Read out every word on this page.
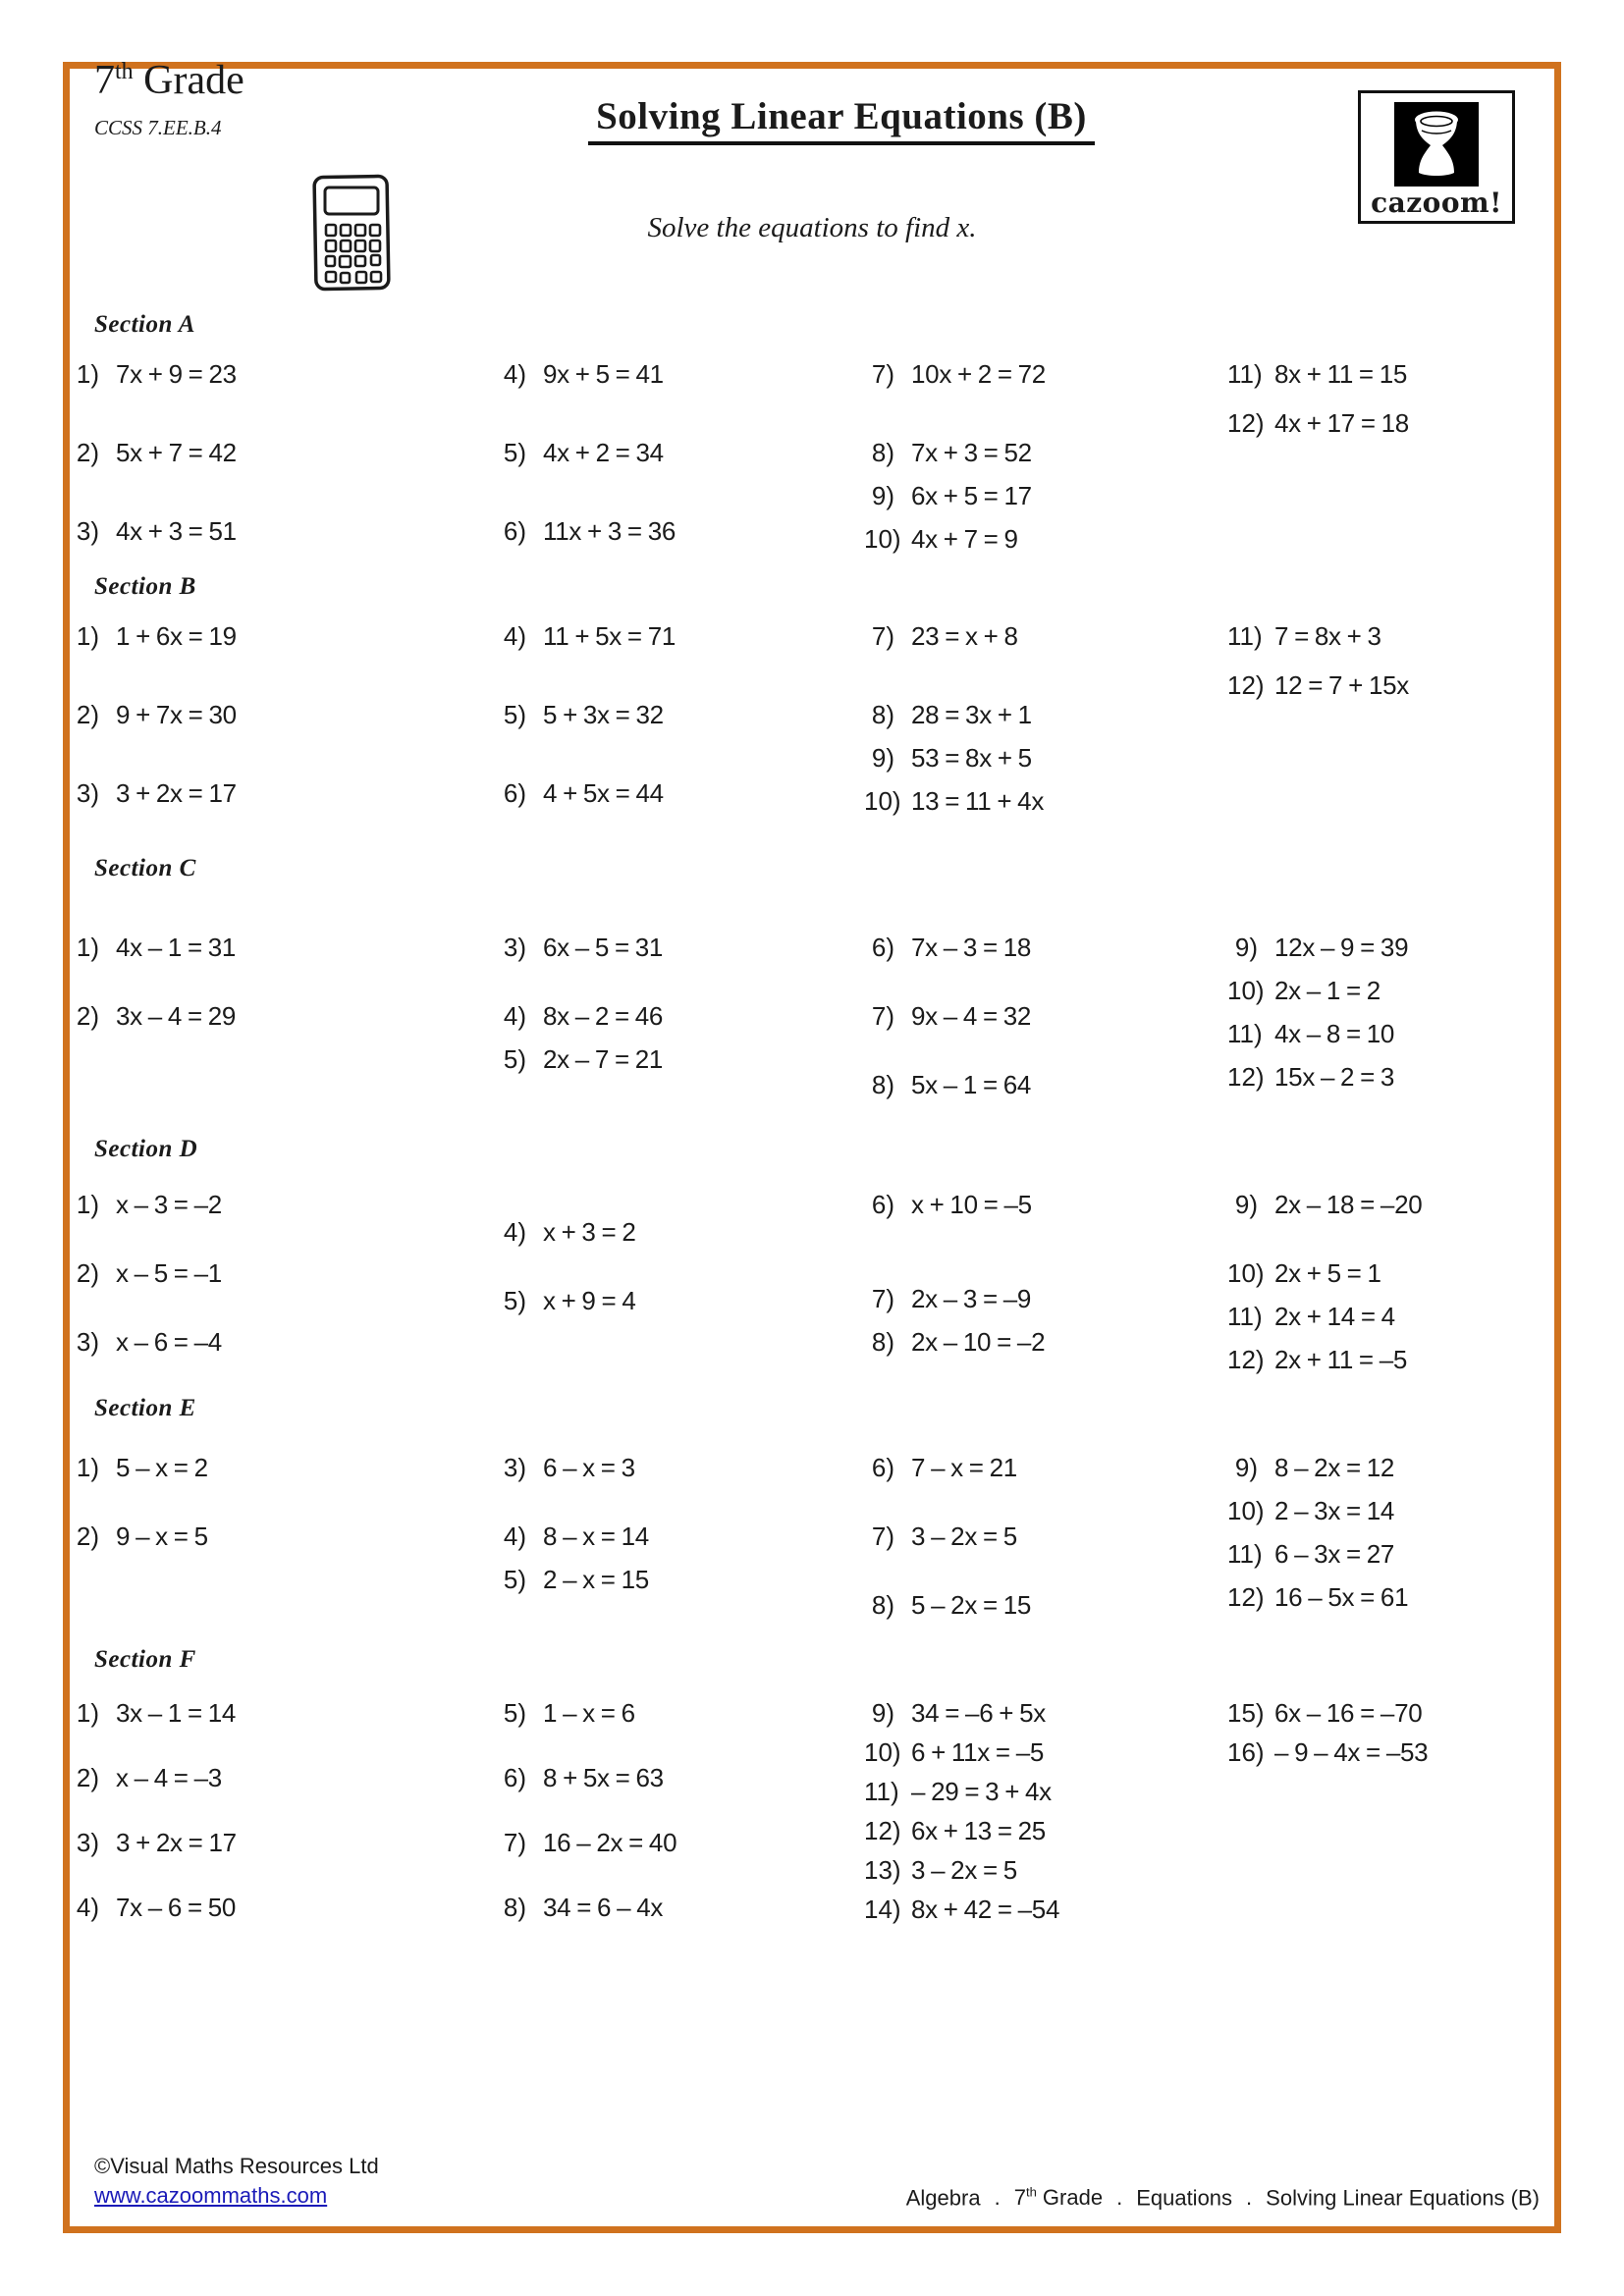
7th Grade
CCSS 7.EE.B.4	Solving Linear Equations (B)
Solve the equations to find x.
cazoom!
Section A
1) 7x + 9 = 23
2) 5x + 7 = 42
3) 4x + 3 = 51
4) 9x + 5 = 41
5) 4x + 2 = 34
6) 11x + 3 = 36
7) 10x + 2 = 72
8) 7x + 3 = 52
9) 6x + 5 = 17
10) 4x + 7 = 9
11) 8x + 11 = 15
12) 4x + 17 = 18
Section B
1) 1 + 6x = 19
2) 9 + 7x = 30
3) 3 + 2x = 17
4) 11 + 5x = 71
5) 5 + 3x = 32
6) 4 + 5x = 44
7) 23 = x + 8
8) 28 = 3x + 1
9) 53 = 8x + 5
10) 13 = 11 + 4x
11) 7 = 8x + 3
12) 12 = 7 + 15x
Section C
1) 4x – 1 = 31
2) 3x – 4 = 29
3) 6x – 5 = 31
4) 8x – 2 = 46
5) 2x – 7 = 21
6) 7x – 3 = 18
7) 9x – 4 = 32
8) 5x – 1 = 64
9) 12x – 9 = 39
10) 2x – 1 = 2
11) 4x – 8 = 10
12) 15x – 2 = 3
Section D
1) x – 3 = –2
2) x – 5 = –1
3) x – 6 = –4
4) x + 3 = 2
5) x + 9 = 4
6) x + 10 = –5
7) 2x – 3 = –9
8) 2x – 10 = –2
9) 2x – 18 = –20
10) 2x + 5 = 1
11) 2x + 14 = 4
12) 2x + 11 = –5
Section E
1) 5 – x = 2
2) 9 – x = 5
3) 6 – x = 3
4) 8 – x = 14
5) 2 – x = 15
6) 7 – x = 21
7) 3 – 2x = 5
8) 5 – 2x = 15
9) 8 – 2x = 12
10) 2 – 3x = 14
11) 6 – 3x = 27
12) 16 – 5x = 61
Section F
1) 3x – 1 = 14
2) x – 4 = –3
3) 3 + 2x = 17
4) 7x – 6 = 50
5) 1 – x = 6
6) 8 + 5x = 63
7) 16 – 2x = 40
8) 34 = 6 – 4x
9) 34 = –6 + 5x
10) 6 + 11x = –5
11) – 29 = 3 + 4x
12) 6x + 13 = 25
13) 3 – 2x = 5
14) 8x + 42 = –54
15) 6x – 16 = –70
16) – 9 – 4x = –53
©Visual Maths Resources Ltd
www.cazoommaths.com	Algebra . 7th Grade . Equations . Solving Linear Equations (B)
